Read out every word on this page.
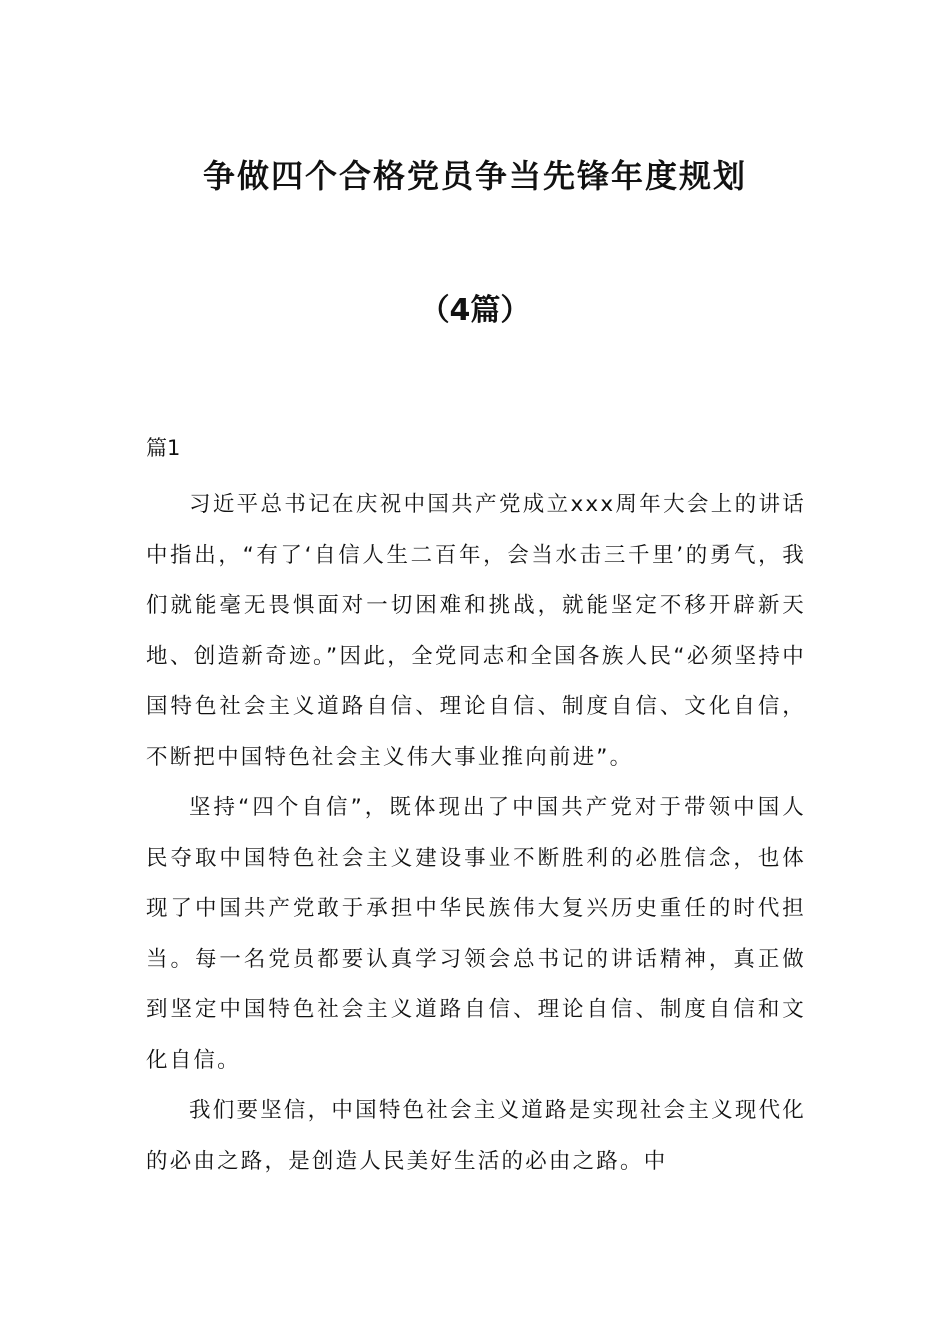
争做四个合格党员争当先锋年度规划
（4篇）

篇1

习近平总书记在庆祝中国共产党成立xxx周年大会上的讲话中指出，“有了‘自信人生二百年，会当水击三千里’的勇气，我们就能毫无畏惧面对一切困难和挑战，就能坚定不移开辟新天地、创造新奇迹。”因此，全党同志和全国各族人民“必须坚持中国特色社会主义道路自信、理论自信、制度自信、文化自信，不断把中国特色社会主义伟大事业推向前进”。

坚持“四个自信”，既体现出了中国共产党对于带领中国人民夺取中国特色社会主义建设事业不断胜利的必胜信念，也体现了中国共产党敢于承担中华民族伟大复兴历史重任的时代担当。每一名党员都要认真学习领会总书记的讲话精神，真正做到坚定中国特色社会主义道路自信、理论自信、制度自信和文化自信。

我们要坚信，中国特色社会主义道路是实现社会主义现代化的必由之路，是创造人民美好生活的必由之路。中
